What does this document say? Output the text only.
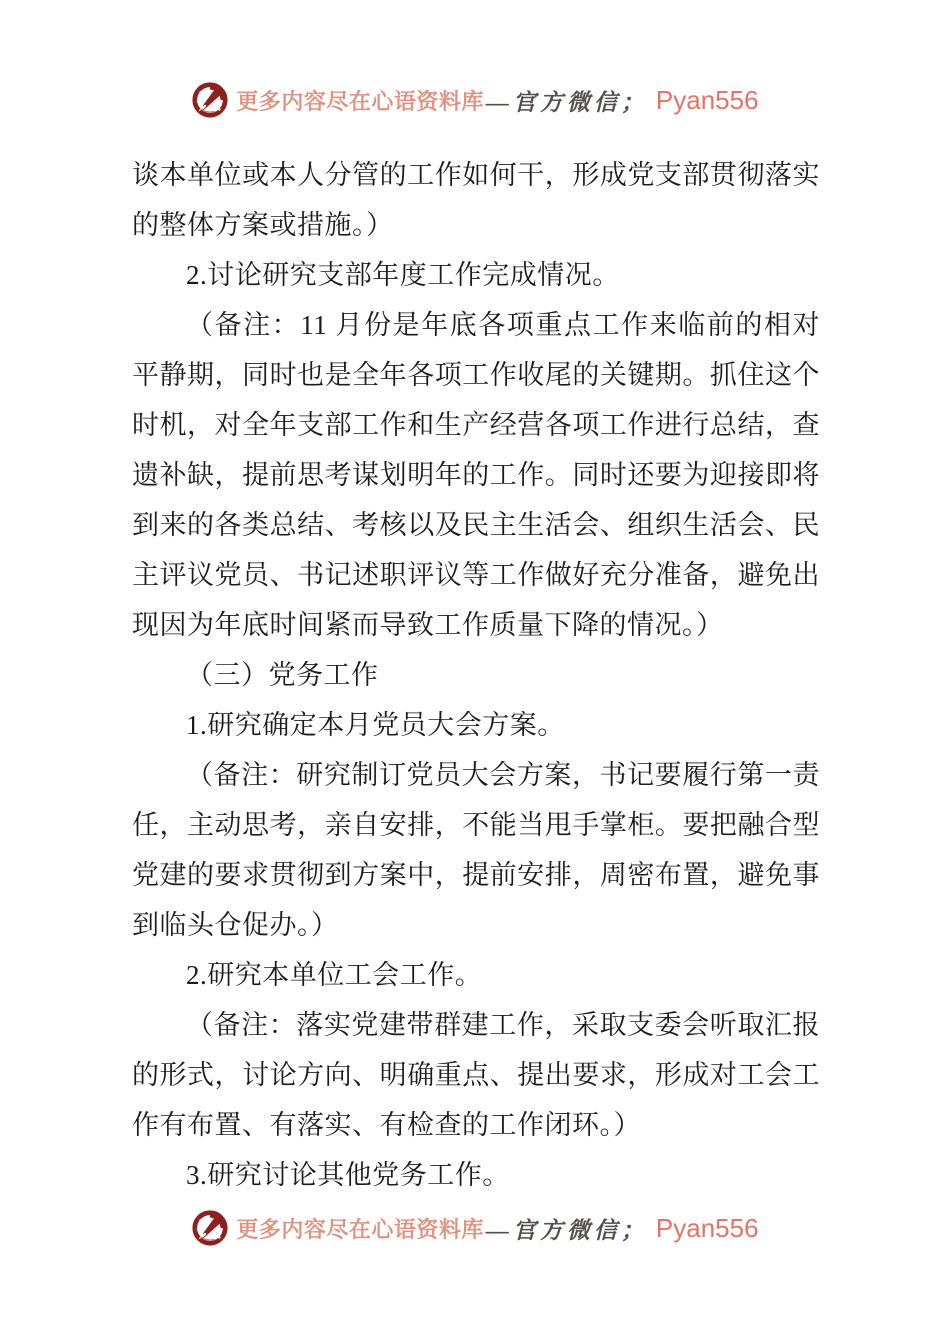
更多内容尽在心语资料库 —官方微信； Pyan556

谈本单位或本人分管的工作如何干，形成党支部贯彻落实的整体方案或措施。）

2.讨论研究支部年度工作完成情况。

（备注：11 月份是年底各项重点工作来临前的相对平静期，同时也是全年各项工作收尾的关键期。抓住这个时机，对全年支部工作和生产经营各项工作进行总结，查遗补缺，提前思考谋划明年的工作。同时还要为迎接即将到来的各类总结、考核以及民主生活会、组织生活会、民主评议党员、书记述职评议等工作做好充分准备，避免出现因为年底时间紧而导致工作质量下降的情况。）

（三）党务工作

1.研究确定本月党员大会方案。

（备注：研究制订党员大会方案，书记要履行第一责任，主动思考，亲自安排，不能当甩手掌柜。要把融合型党建的要求贯彻到方案中，提前安排，周密布置，避免事到临头仓促办。）

2.研究本单位工会工作。

（备注：落实党建带群建工作，采取支委会听取汇报的形式，讨论方向、明确重点、提出要求，形成对工会工作有布置、有落实、有检查的工作闭环。）

3.研究讨论其他党务工作。

更多内容尽在心语资料库 —官方微信； Pyan556
